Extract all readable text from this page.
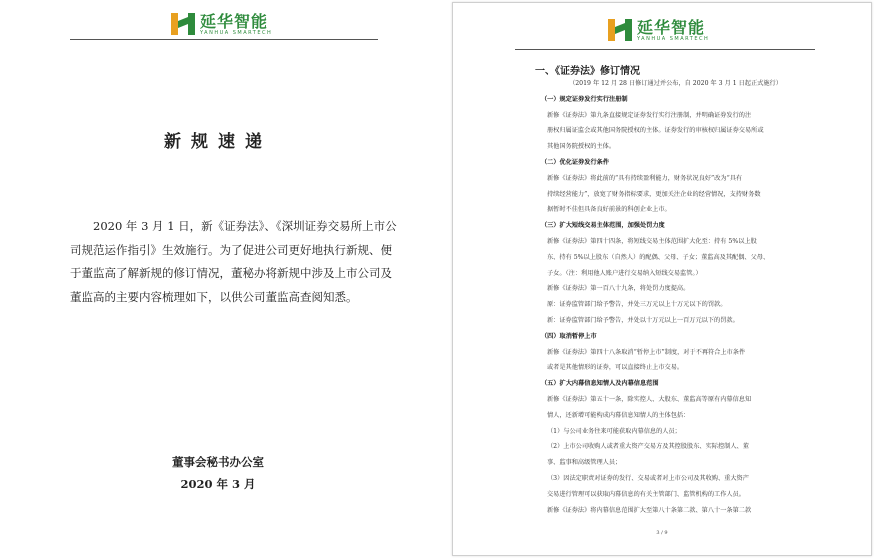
延华智能
YANHUA SMARTECH
新规速递

2020 年 3 月 1 日，新《证券法》、《深圳证券交易所上市公司规范运作指引》生效施行。为了促进公司更好地执行新规、便于董监高了解新规的修订情况，董秘办将新规中涉及上市公司及董监高的主要内容梳理如下，以供公司董监高查阅知悉。

董事会秘书办公室
2020 年 3 月
延华智能
YANHUA SMARTECH
一、《证券法》修订情况
（2019 年 12 月 28 日修订通过并公布，自 2020 年 3 月 1 日起正式施行）
（一）规定证券发行实行注册制
新修《证券法》第九条直接规定证券发行实行注册制，并明确证券发行的注
册权归属证监会或其他国务院授权的主体。证券发行的审核权归属证券交易所或
其他国务院授权的主体。
（二）优化证券发行条件
新修《证券法》将此前的“具有持续盈利能力，财务状况良好”改为“具有
持续经营能力”，放宽了财务指标要求，更加关注企业的经营情况，支持财务数
据暂时不佳但具备良好前景的科创企业上市。
（三）扩大短线交易主体范围，加强处罚力度
新修《证券法》第四十四条，将短线交易主体范围扩大化至：持有 5%以上股
东、持有 5%以上股东（自然人）的配偶、父母、子女；董监高及其配偶、父母、
子女。（注：利用他人账户进行交易纳入短线交易监管。）
新修《证券法》第一百八十九条，将处罚力度提高。
原：证券监管部门给予警告，并处三万元以上十万元以下的罚款。
新：证券监管部门给予警告，并处以十万元以上一百万元以下的罚款。
（四）取消暂停上市
新修《证券法》第四十八条取消“暂停上市”制度，对于不再符合上市条件
或者是其他情形的证券，可以直接终止上市交易。
（五）扩大内幕信息知情人及内幕信息范围
新修《证券法》第五十一条，除实控人、大股东、董监高等原有内幕信息知
情人，还新增可能构成内幕信息知情人的主体包括：
（1）与公司业务往来可能获取内幕信息的人员；
（2）上市公司收购人或者重大资产交易方及其控股股东、实际控制人、董
事、监事和高级管理人员；
（3）因法定职责对证券的发行、交易或者对上市公司及其收购、重大资产
交易进行管理可以获取内幕信息的有关主管部门、监管机构的工作人员。
新修《证券法》将内幕信息范围扩大至第八十条第二款、第八十一条第二款
3 / 9
